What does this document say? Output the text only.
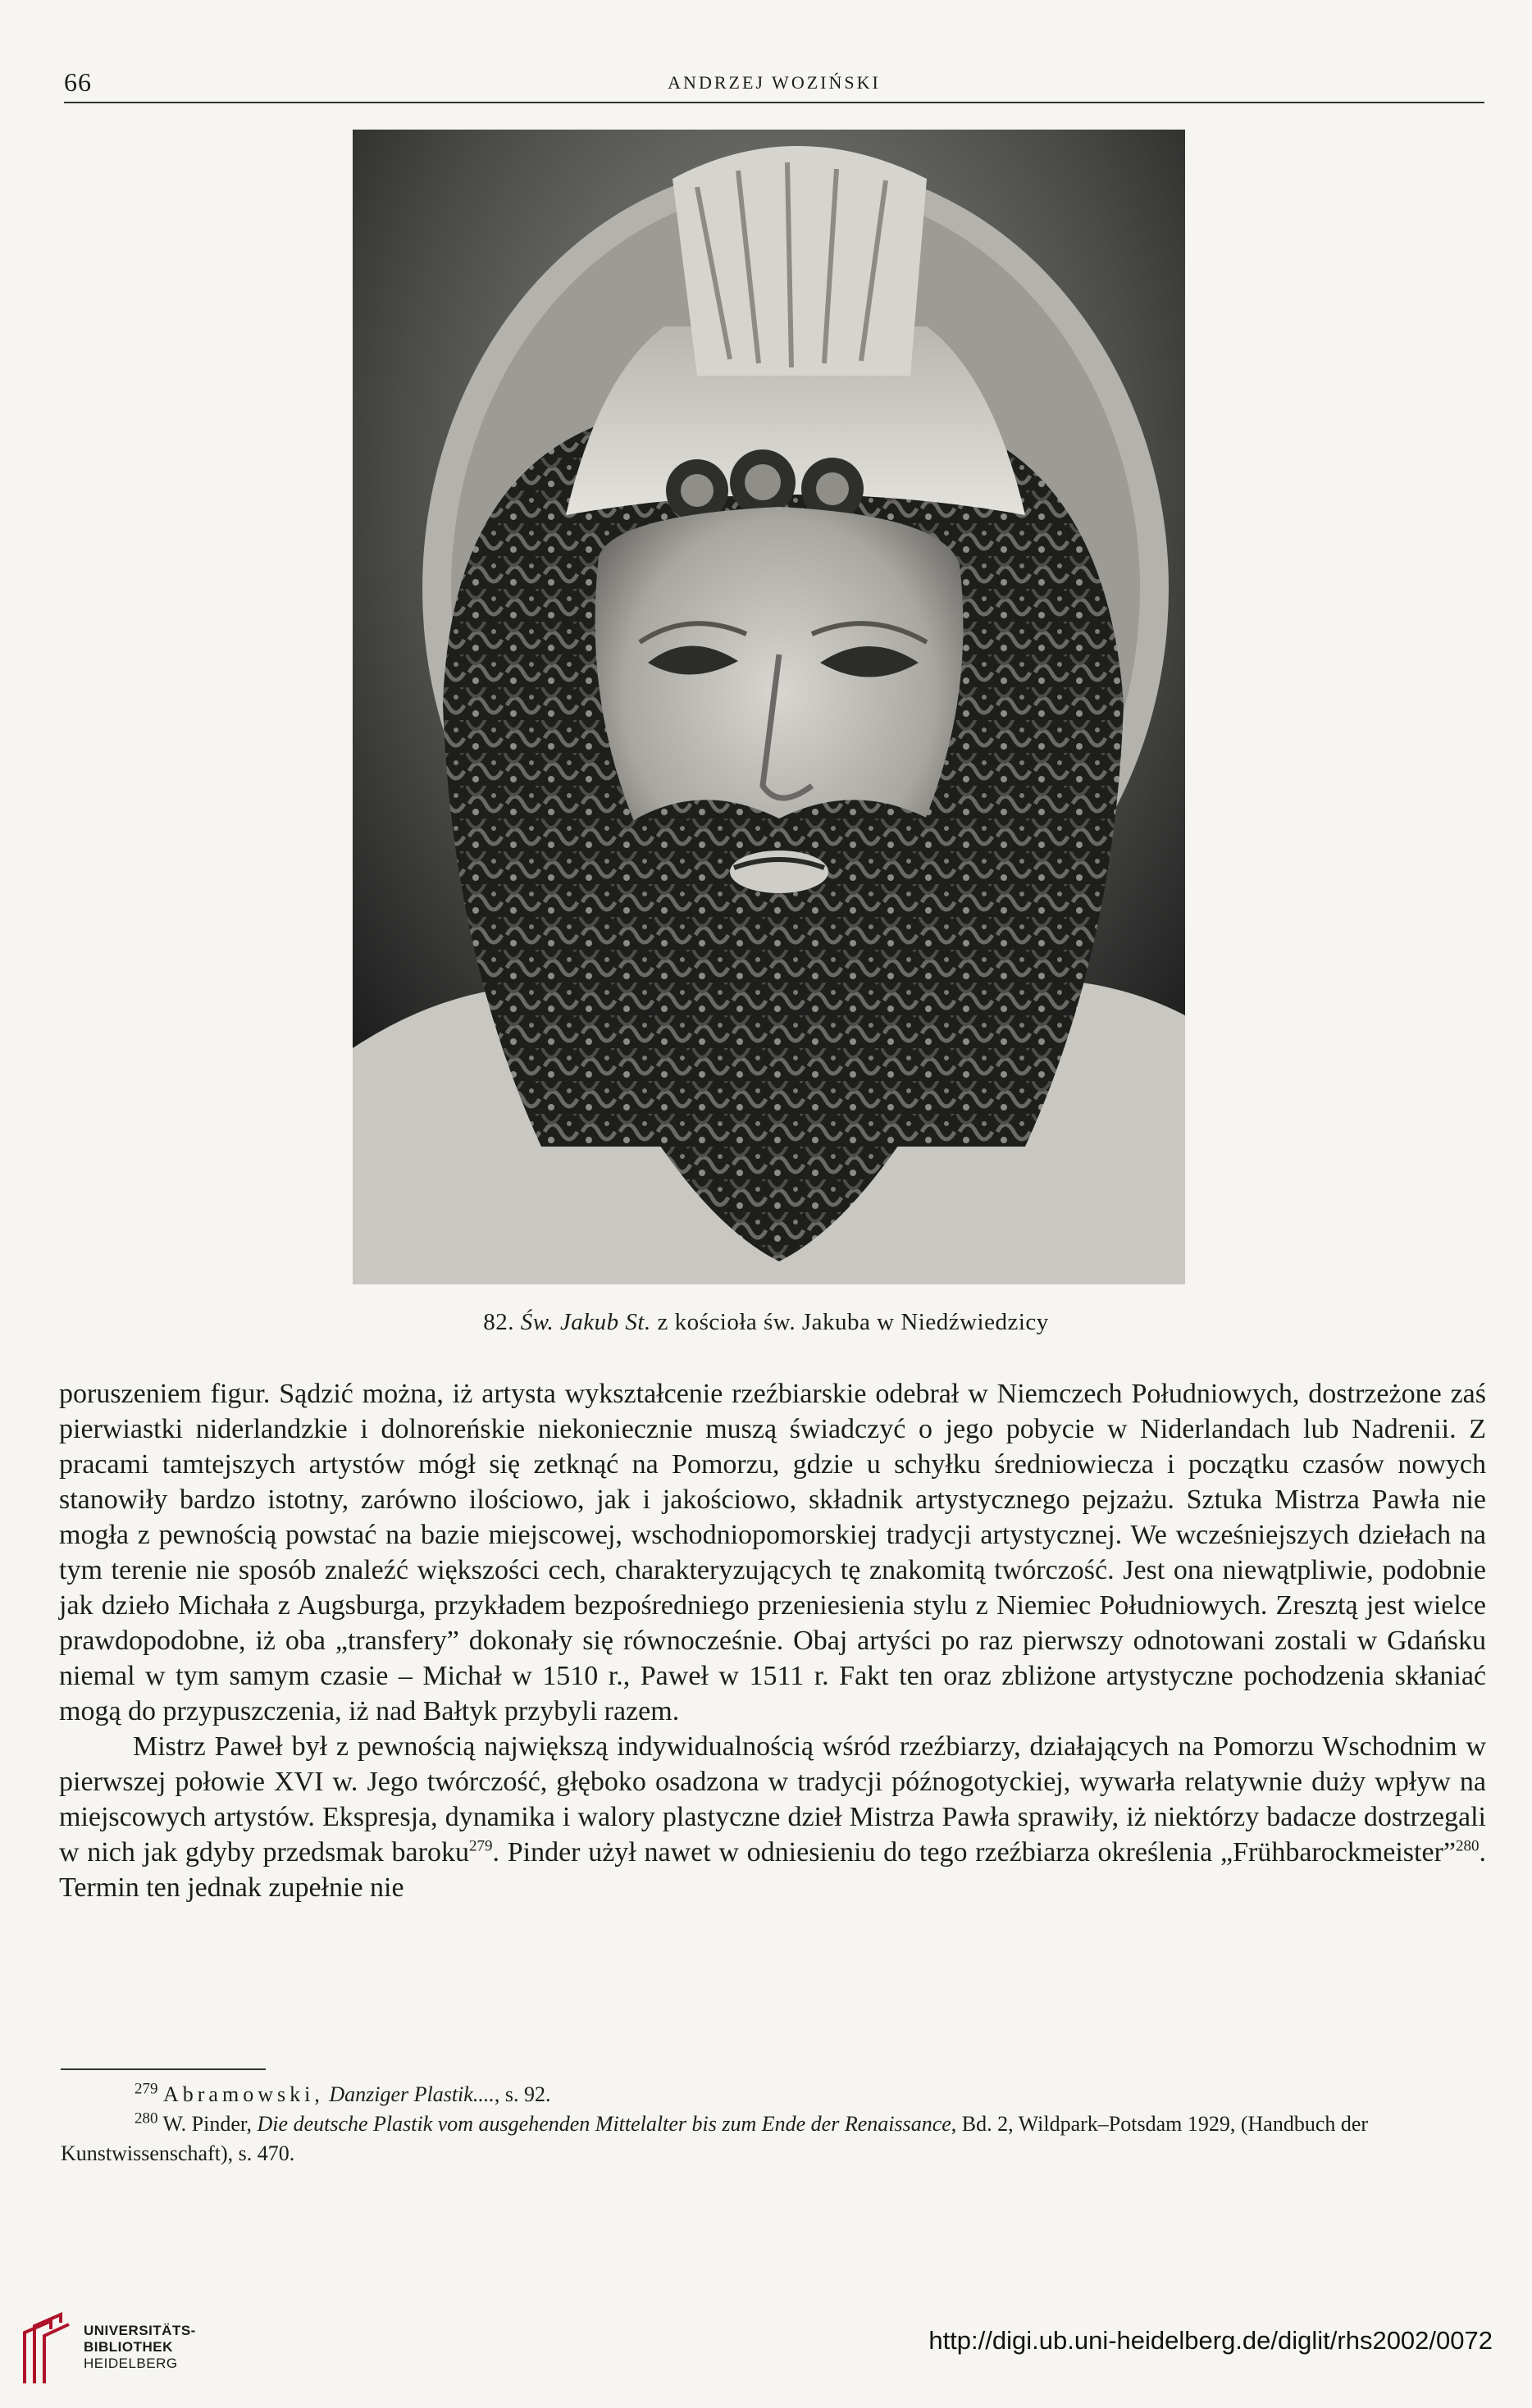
66	ANDRZEJ WOZIŃSKI
82. Św. Jakub St. z kościoła św. Jakuba w Niedźwiedzicy

poruszeniem figur. Sądzić można, iż artysta wykształcenie rzeźbiarskie odebrał w Niemczech Południowych, dostrzeżone zaś pierwiastki niderlandzkie i dolnoreńskie niekoniecznie muszą świadczyć o jego pobycie w Niderlandach lub Nadrenii. Z pracami tamtejszych artystów mógł się zetknąć na Pomorzu, gdzie u schyłku średniowiecza i początku czasów nowych stanowiły bardzo istotny, zarówno ilościowo, jak i jakościowo, składnik artystycznego pejzażu. Sztuka Mistrza Pawła nie mogła z pewnością powstać na bazie miejscowej, wschodniopomorskiej tradycji artystycznej. We wcześniejszych dziełach na tym terenie nie sposób znaleźć większości cech, charakteryzujących tę znakomitą twórczość. Jest ona niewątpliwie, podobnie jak dzieło Michała z Augsburga, przykładem bezpośredniego przeniesienia stylu z Niemiec Południowych. Zresztą jest wielce prawdopodobne, iż oba „transfery” dokonały się równocześnie. Obaj artyści po raz pierwszy odnotowani zostali w Gdańsku niemal w tym samym czasie – Michał w 1510 r., Paweł w 1511 r. Fakt ten oraz zbliżone artystyczne pochodzenia skłaniać mogą do przypuszczenia, iż nad Bałtyk przybyli razem.

Mistrz Paweł był z pewnością największą indywidualnością wśród rzeźbiarzy, działających na Pomorzu Wschodnim w pierwszej połowie XVI w. Jego twórczość, głęboko osadzona w tradycji późnogotyckiej, wywarła relatywnie duży wpływ na miejscowych artystów. Ekspresja, dynamika i walory plastyczne dzieł Mistrza Pawła sprawiły, iż niektórzy badacze dostrzegali w nich jak gdyby przedsmak baroku$^{279}$. Pinder użył nawet w odniesieniu do tego rzeźbiarza określenia „Frühbarockmeister”$^{280}$. Termin ten jednak zupełnie nie

$^{279}$ Abramowski, Danziger Plastik...., s. 92.

$^{280}$ W. Pinder, Die deutsche Plastik vom ausgehenden Mittelalter bis zum Ende der Renaissance, Bd. 2, Wildpark–Potsdam 1929, (Handbuch der Kunstwissenschaft), s. 470.

UNIVERSITÄTS-
BIBLIOTHEK
HEIDELBERG
http://digi.ub.uni-heidelberg.de/diglit/rhs2002/0072
